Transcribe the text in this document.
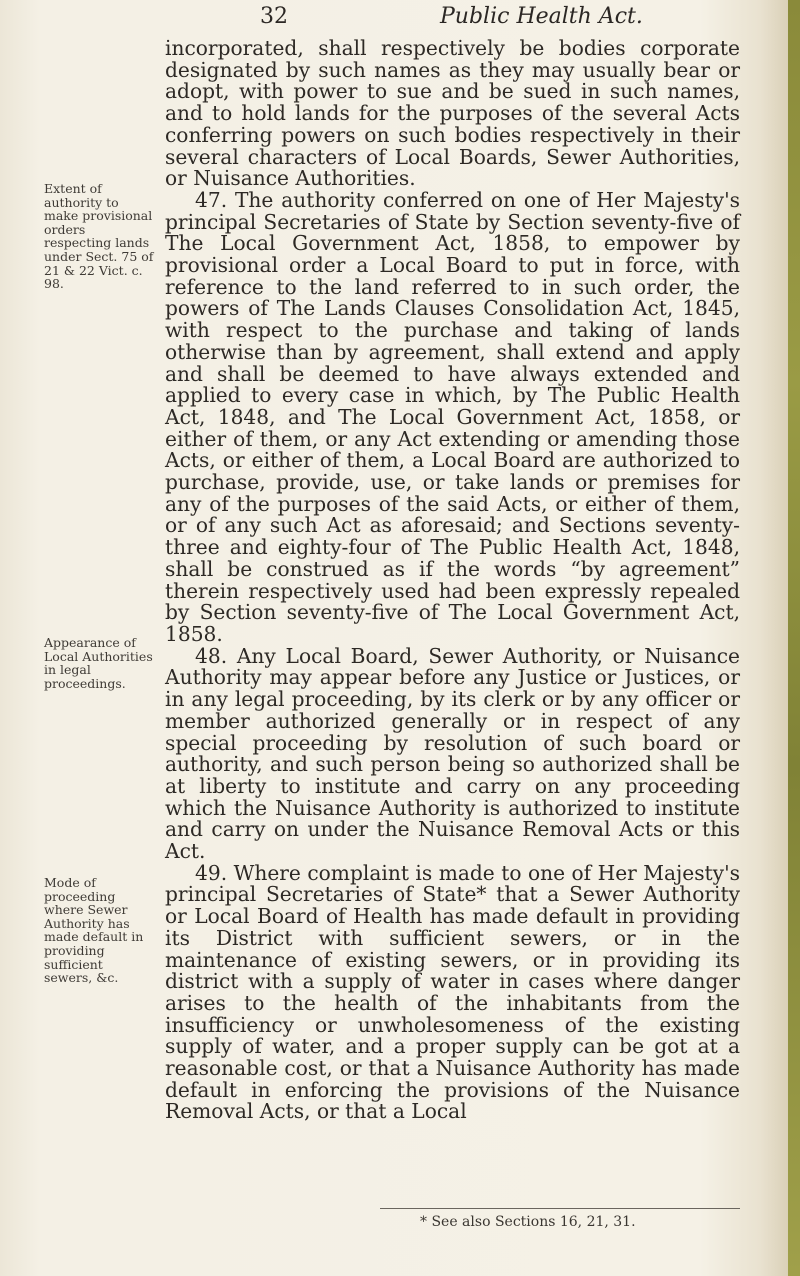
32	Public Health Act.

incorporated, shall respectively be bodies corporate designated by such names as they may usually bear or adopt, with power to sue and be sued in such names, and to hold lands for the purposes of the several Acts conferring powers on such bodies respectively in their several characters of Local Boards, Sewer Authorities, or Nuisance Authorities.

47. The authority conferred on one of Her Majesty's principal Secretaries of State by Section seventy-five of The Local Government Act, 1858, to empower by provisional order a Local Board to put in force, with reference to the land referred to in such order, the powers of The Lands Clauses Consolidation Act, 1845, with respect to the purchase and taking of lands otherwise than by agreement, shall extend and apply and shall be deemed to have always extended and applied to every case in which, by The Public Health Act, 1848, and The Local Government Act, 1858, or either of them, or any Act extending or amending those Acts, or either of them, a Local Board are authorized to purchase, provide, use, or take lands or premises for any of the purposes of the said Acts, or either of them, or of any such Act as aforesaid; and Sections seventy-three and eighty-four of The Public Health Act, 1848, shall be construed as if the words “by agreement” therein respectively used had been expressly repealed by Section seventy-five of The Local Government Act, 1858.

48. Any Local Board, Sewer Authority, or Nuisance Authority may appear before any Justice or Justices, or in any legal proceeding, by its clerk or by any officer or member authorized generally or in respect of any special proceeding by resolution of such board or authority, and such person being so authorized shall be at liberty to institute and carry on any proceeding which the Nuisance Authority is authorized to institute and carry on under the Nuisance Removal Acts or this Act.

49. Where complaint is made to one of Her Majesty's principal Secretaries of State* that a Sewer Authority or Local Board of Health has made default in providing its District with sufficient sewers, or in the maintenance of existing sewers, or in providing its district with a supply of water in cases where danger arises to the health of the inhabitants from the insufficiency or unwholesomeness of the existing supply of water, and a proper supply can be got at a reasonable cost, or that a Nuisance Authority has made default in enforcing the provisions of the Nuisance Removal Acts, or that a Local

Extent of authority to make provisional orders respecting lands under Sect. 75 of 21 & 22 Vict. c. 98.
Appearance of Local Authorities in legal proceedings.
Mode of proceeding where Sewer Authority has made default in providing sufficient sewers, &c.
* See also Sections 16, 21, 31.
